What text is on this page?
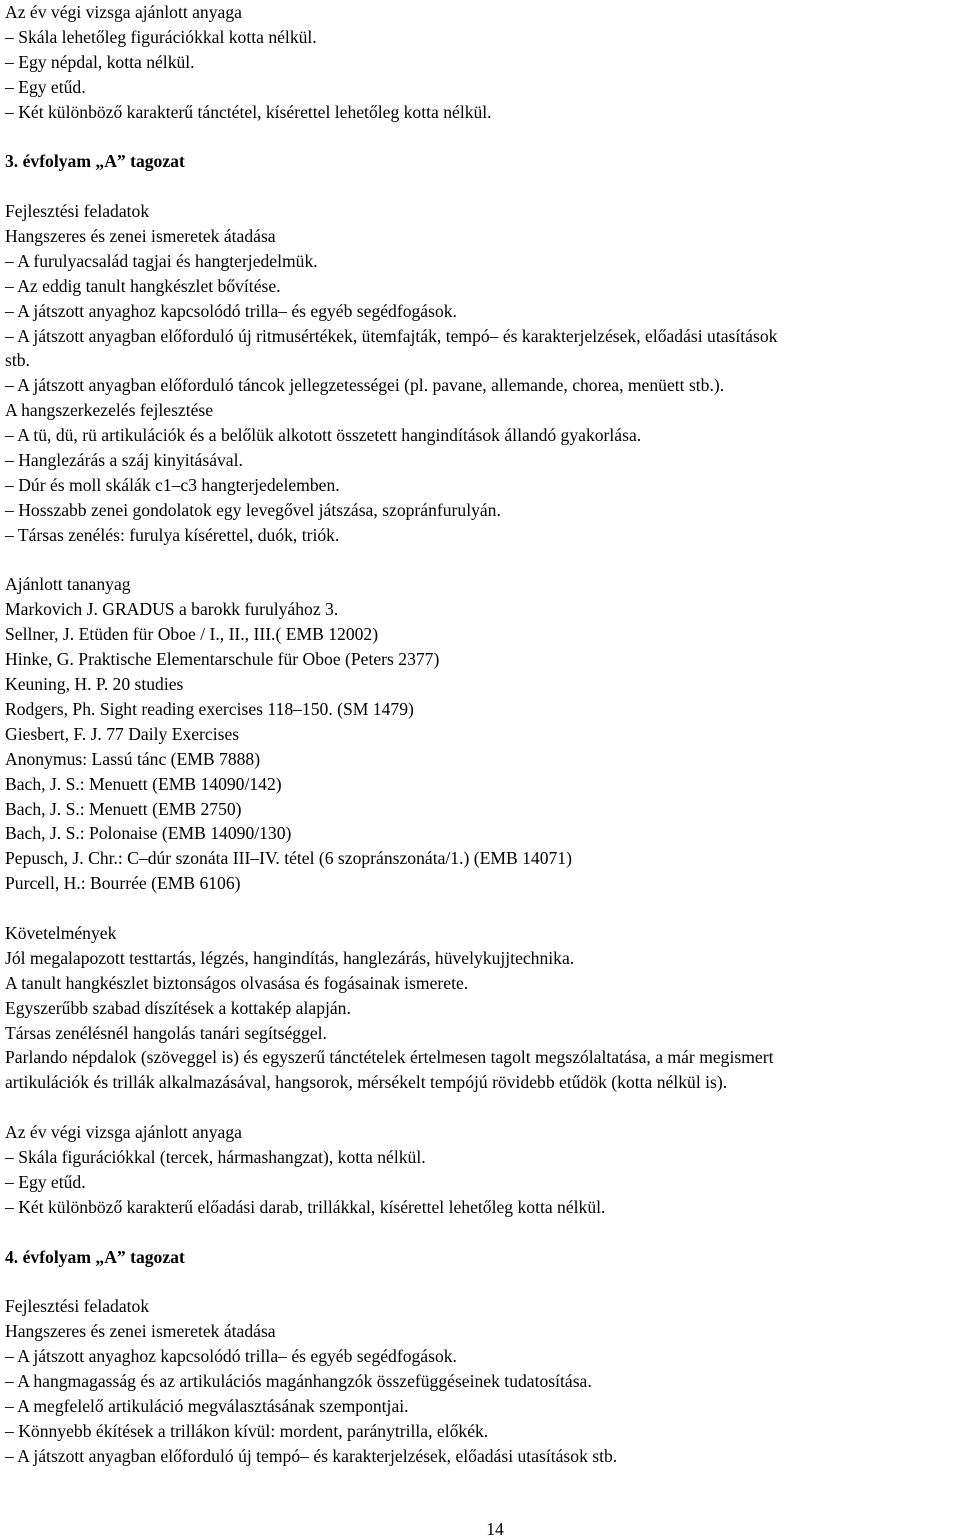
Az év végi vizsga ajánlott anyaga
– Skála lehetőleg figurációkkal kotta nélkül.
– Egy népdal, kotta nélkül.
– Egy etűd.
– Két különböző karakterű tánctétel, kísérettel lehetőleg kotta nélkül.
3. évfolyam „A” tagozat
Fejlesztési feladatok
Hangszeres és zenei ismeretek átadása
– A furulyacsalád tagjai és hangterjedelmük.
– Az eddig tanult hangkészlet bővítése.
– A játszott anyaghoz kapcsolódó trilla– és egyéb segédfogások.
– A játszott anyagban előforduló új ritmusértékek, ütemfajták, tempó– és karakterjelzések, előadási utasítások
stb.
– A játszott anyagban előforduló táncok jellegzetességei (pl. pavane, allemande, chorea, menüett stb.).
A hangszerkezelés fejlesztése
– A tü, dü, rü artikulációk és a belőlük alkotott összetett hangindítások állandó gyakorlása.
– Hanglezárás a száj kinyitásával.
– Dúr és moll skálák c1–c3 hangterjedelemben.
– Hosszabb zenei gondolatok egy levegővel játszása, szopránfurulyán.
– Társas zenélés: furulya kísérettel, duók, triók.
Ajánlott tananyag
Markovich J. GRADUS a barokk furulyához 3.
Sellner, J. Etüden für Oboe / I., II., III.( EMB 12002)
Hinke, G. Praktische Elementarschule für Oboe (Peters 2377)
Keuning, H. P. 20 studies
Rodgers, Ph. Sight reading exercises 118–150. (SM 1479)
Giesbert, F. J. 77 Daily Exercises
Anonymus: Lassú tánc (EMB 7888)
Bach, J. S.: Menuett (EMB 14090/142)
Bach, J. S.: Menuett (EMB 2750)
Bach, J. S.: Polonaise (EMB 14090/130)
Pepusch, J. Chr.: C–dúr szonáta III–IV. tétel (6 szopránszonáta/1.) (EMB 14071)
Purcell, H.: Bourrée (EMB 6106)
Követelmények
Jól megalapozott testtartás, légzés, hangindítás, hanglezárás, hüvelykujjtechnika.
A tanult hangkészlet biztonságos olvasása és fogásainak ismerete.
Egyszerűbb szabad díszítések a kottakép alapján.
Társas zenélésnél hangolás tanári segítséggel.
Parlando népdalok (szöveggel is) és egyszerű tánctételek értelmesen tagolt megszólaltatása, a már megismert
artikulációk és trillák alkalmazásával, hangsorok, mérsékelt tempójú rövidebb etűdök (kotta nélkül is).
Az év végi vizsga ajánlott anyaga
– Skála figurációkkal (tercek, hármashangzat), kotta nélkül.
– Egy etűd.
– Két különböző karakterű előadási darab, trillákkal, kísérettel lehetőleg kotta nélkül.
4. évfolyam „A” tagozat
Fejlesztési feladatok
Hangszeres és zenei ismeretek átadása
– A játszott anyaghoz kapcsolódó trilla– és egyéb segédfogások.
– A hangmagasság és az artikulációs magánhangzók összefüggéseinek tudatosítása.
– A megfelelő artikuláció megválasztásának szempontjai.
– Könnyebb ékítések a trillákon kívül: mordent, paránytrilla, előkék.
– A játszott anyagban előforduló új tempó– és karakterjelzések, előadási utasítások stb.
14
